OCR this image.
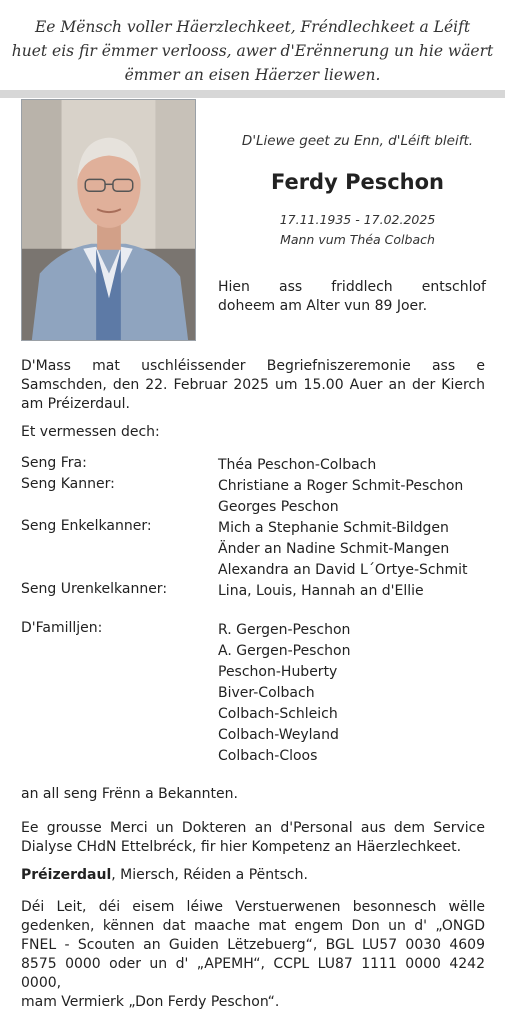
Ee Mënsch voller Häerzlechkeet, Fréndlechkeet a Léift
huet eis fir ëmmer verlooss, awer d'Erënnerung un hie wäert
ëmmer an eisen Häerzer liewen.
D'Liewe geet zu Enn, d'Léift bleift.
Ferdy Peschon
17.11.1935 - 17.02.2025
Mann vum Théa Colbach
Hien ass friddlech entschlof
doheem am Alter vun 89 Joer.
D'Mass mat uschléissender Begriefniszeremonie ass e
Samschden, den 22. Februar 2025 um 15.00 Auer an der Kierch
am Préizerdaul.
Et vermessen dech:
Seng Fra:	Théa Peschon-Colbach
Seng Kanner:	Christiane a Roger Schmit-Peschon
Georges Peschon
Seng Enkelkanner:	Mich a Stephanie Schmit-Bildgen
Änder an Nadine Schmit-Mangen
Alexandra an David L´Ortye-Schmit
Seng Urenkelkanner:	Lina, Louis, Hannah an d'Ellie
D'Familljen:	R. Gergen-Peschon
A. Gergen-Peschon
Peschon-Huberty
Biver-Colbach
Colbach-Schleich
Colbach-Weyland
Colbach-Cloos
an all seng Frënn a Bekannten.
Ee grousse Merci un Dokteren an d'Personal aus dem Service
Dialyse CHdN Ettelbréck, fir hier Kompetenz an Häerzlechkeet.
Préizerdaul, Miersch, Réiden a Pëntsch.
Déi Leit, déi eisem léiwe Verstuerwenen besonnesch wëlle
gedenken, kënnen dat maache mat engem Don un d' „ONGD
FNEL - Scouten an Guiden Lëtzebuerg“, BGL LU57 0030 4609
8575 0000 oder un d' „APEMH“, CCPL LU87 1111 0000 4242 0000,
mam Vermierk „Don Ferdy Peschon“.
